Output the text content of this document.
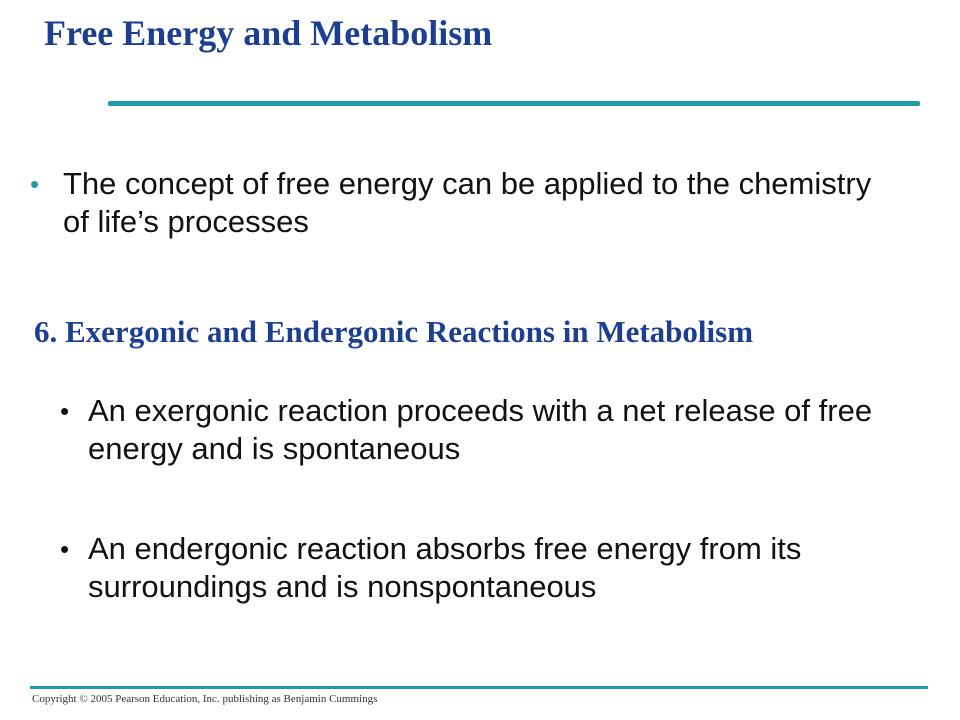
Free Energy and Metabolism
• The concept of free energy can be applied to the chemistry of life’s processes
6. Exergonic and Endergonic Reactions in Metabolism
• An exergonic reaction proceeds with a net release of free energy and is spontaneous
• An endergonic reaction absorbs free energy from its surroundings and is nonspontaneous
Copyright © 2005 Pearson Education, Inc. publishing as Benjamin Cummings
